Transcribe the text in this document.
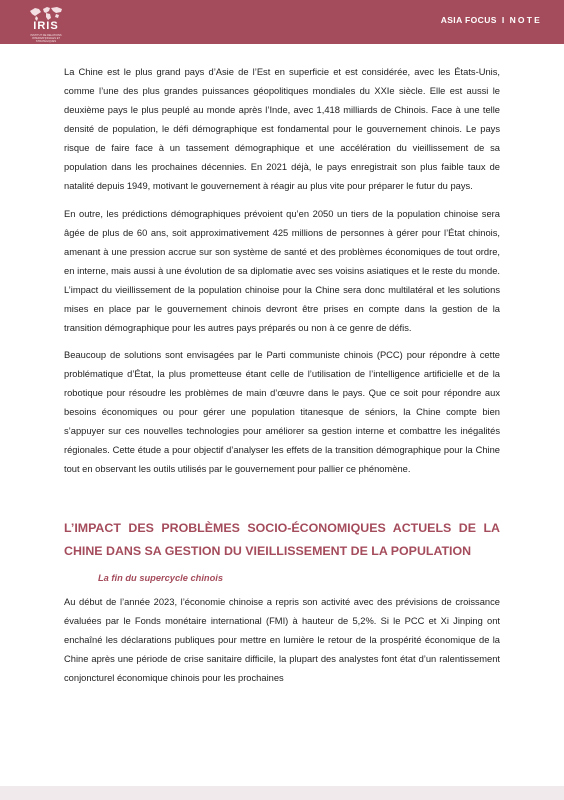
IRIS
INSTITUT DE RELATIONS INTERNATIONALES ET STRATÉGIQUES
ASIA FOCUS I NOTE

La Chine est le plus grand pays d’Asie de l’Est en superficie et est considérée, avec les États-Unis, comme l’une des plus grandes puissances géopolitiques mondiales du XXIe siècle. Elle est aussi le deuxième pays le plus peuplé au monde après l’Inde, avec 1,418 milliards de Chinois. Face à une telle densité de population, le défi démographique est fondamental pour le gouvernement chinois. Le pays risque de faire face à un tassement démographique et une accélération du vieillissement de sa population dans les prochaines décennies. En 2021 déjà, le pays enregistrait son plus faible taux de natalité depuis 1949, motivant le gouvernement à réagir au plus vite pour préparer le futur du pays.

En outre, les prédictions démographiques prévoient qu’en 2050 un tiers de la population chinoise sera âgée de plus de 60 ans, soit approximativement 425 millions de personnes à gérer pour l’État chinois, amenant à une pression accrue sur son système de santé et des problèmes économiques de tout ordre, en interne, mais aussi à une évolution de sa diplomatie avec ses voisins asiatiques et le reste du monde. L’impact du vieillissement de la population chinoise pour la Chine sera donc multilatéral et les solutions mises en place par le gouvernement chinois devront être prises en compte dans la gestion de la transition démographique pour les autres pays préparés ou non à ce genre de défis.

Beaucoup de solutions sont envisagées par le Parti communiste chinois (PCC) pour répondre à cette problématique d’État, la plus prometteuse étant celle de l’utilisation de l’intelligence artificielle et de la robotique pour résoudre les problèmes de main d’œuvre dans le pays. Que ce soit pour répondre aux besoins économiques ou pour gérer une population titanesque de séniors, la Chine compte bien s’appuyer sur ces nouvelles technologies pour améliorer sa gestion interne et combattre les inégalités régionales. Cette étude a pour objectif d’analyser les effets de la transition démographique pour la Chine tout en observant les outils utilisés par le gouvernement pour pallier ce phénomène.

L’IMPACT DES PROBLÈMES SOCIO-ÉCONOMIQUES ACTUELS DE LA CHINE DANS SA GESTION DU VIEILLISSEMENT DE LA POPULATION
La fin du supercycle chinois

Au début de l’année 2023, l’économie chinoise a repris son activité avec des prévisions de croissance évaluées par le Fonds monétaire international (FMI) à hauteur de 5,2%. Si le PCC et Xi Jinping ont enchaîné les déclarations publiques pour mettre en lumière le retour de la prospérité économique de la Chine après une période de crise sanitaire difficile, la plupart des analystes font état d’un ralentissement conjoncturel économique chinois pour les prochaines
